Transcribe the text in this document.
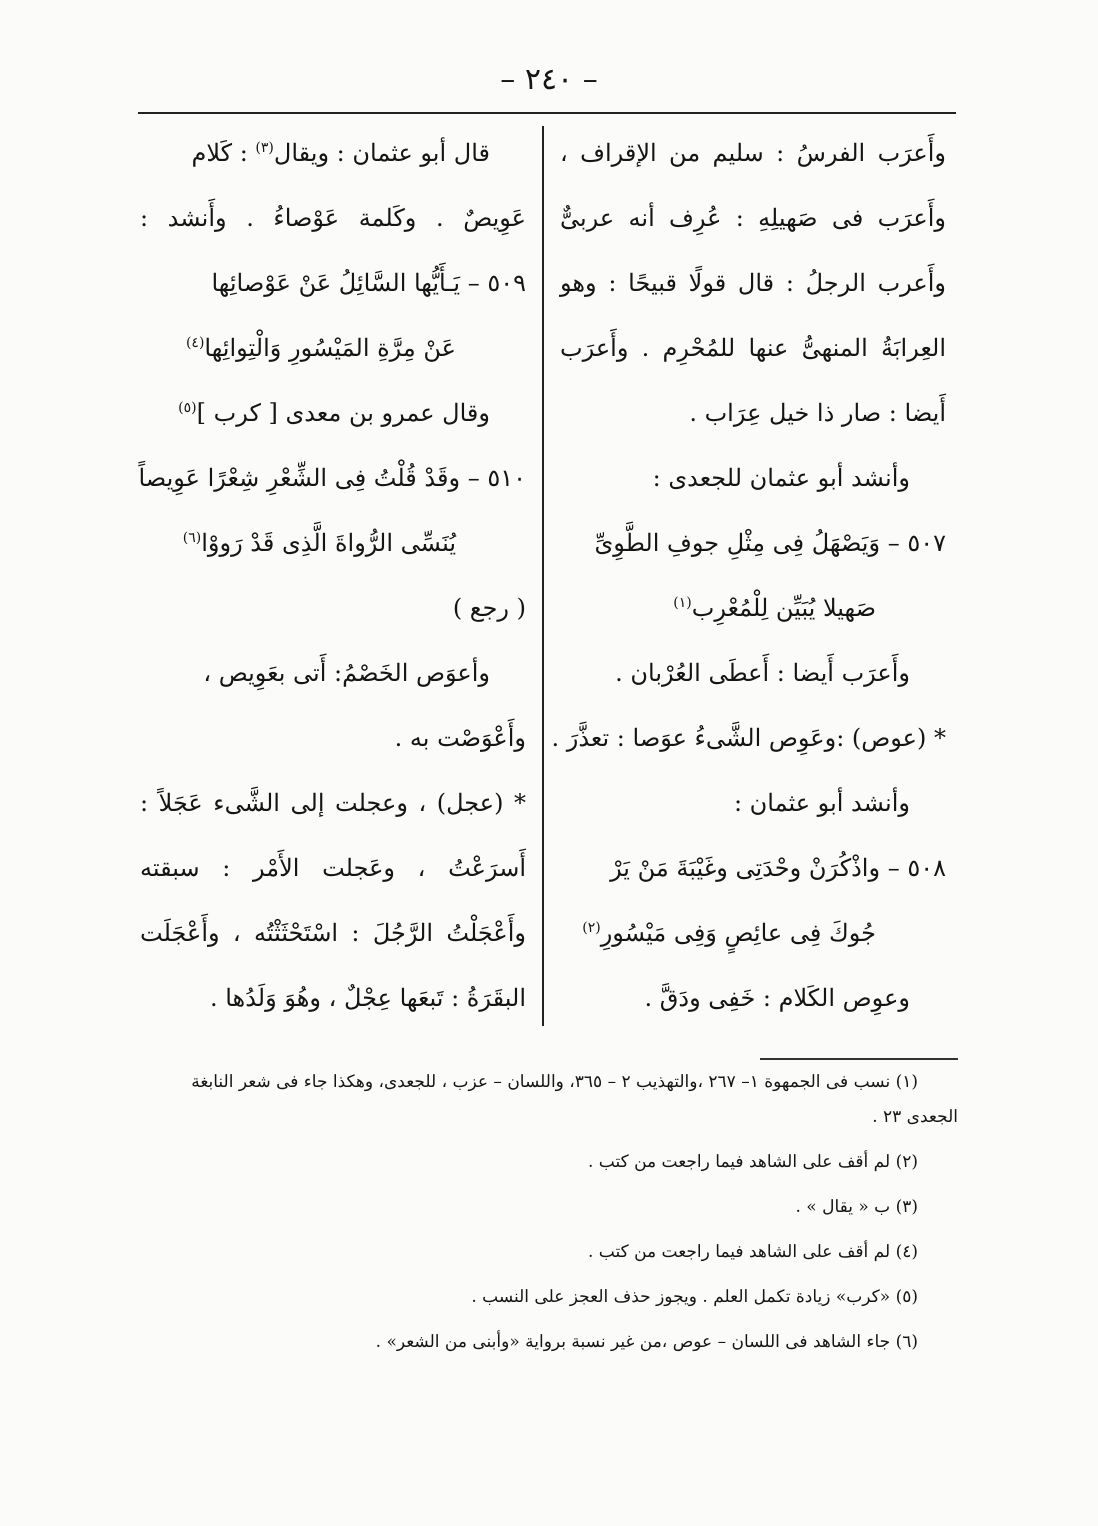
– ٢٤٠ –
وأَعرَب الفرسُ : سليم من الإقراف ،
وأَعرَب فى صَهيلِهِ : عُرِف أنه عربىٌّ
وأَعرب الرجلُ : قال قولًا قبيحًا : وهو
العِرابَةُ المنهىُّ عنها للمُحْرِم . وأَعرَب
أَيضا : صار ذا خيل عِرَاب .
وأنشد أبو عثمان للجعدى :
٥٠٧ – وَيَصْهَلُ فِى مِثْلِ جوفِ الطَّوِىِّ
صَهيلا يُبَيِّن لِلْمُعْرِب$^{(١)}$
وأَعرَب أَيضا : أَعطَى العُرْبان .
* (عوص) :وعَوِص الشَّىءُ عوَصا : تعذَّرَ .
وأنشد أبو عثمان :
٥٠٨ – واذْكُرَنْ وحْدَتِى وغَيْبَةَ مَنْ يَرْ
جُوكَ فِى عائِصٍ وَفِى مَيْسُورِ$^{(٢)}$
وعوِص الكَلام : خَفِى ودَقَّ .
قال أبو عثمان : ويقال$^{(٣)}$ : كَلام
عَوِيصٌ . وكَلمة عَوْصاءُ . وأَنشد :
٥٠٩ – يَـأَيُّها السَّائِلُ عَنْ عَوْصائِها
عَنْ مِرَّةِ المَيْسُورِ وَالْتِوائِها$^{(٤)}$
وقال عمرو بن معدى [ كرب ]$^{(٥)}$
٥١٠ – وقَدْ قُلْتُ فِى الشِّعْرِ شِعْرًا عَوِيصاً
يُنَسِّى الرُّواةَ الَّذِى قَدْ رَووْا$^{(٦)}$
( رجع )
وأعوَص الخَصْمُ: أَتى بعَوِيص ،
وأَعْوَصْت به .
* (عجل) ، وعجلت إلى الشَّىء عَجَلاً :
أَسرَعْتُ ، وعَجلت الأَمْر : سبقته
وأَعْجَلْتُ الرَّجُلَ : اسْتَحْثَثْتُه ، وأَعْجَلَت
البقَرَةُ : تَبعَها عِجْلٌ ، وهُوَ وَلَدُها .
(١) نسب فى الجمهوة ١– ٢٦٧ ،والتهذيب ٢ – ٣٦٥، واللسان – عزب ، للجعدى، وهكذا جاء فى شعر النابغة
الجعدى ٢٣ .
(٢) لم أقف على الشاهد فيما راجعت من كتب .
(٣) ب « يقال » .
(٤) لم أقف على الشاهد فيما راجعت من كتب .
(٥) «كرب» زيادة تكمل العلم . ويجوز حذف العجز على النسب .
(٦) جاء الشاهد فى اللسان – عوص ،من غير نسبة برواية «وأبنى من الشعر» .
